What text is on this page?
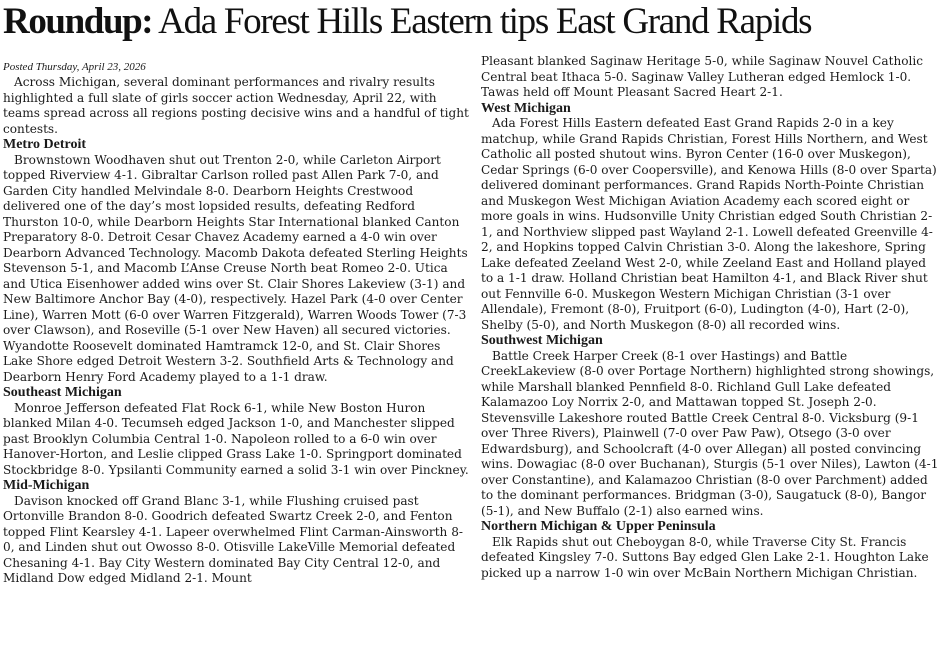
Roundup: Ada Forest Hills Eastern tips East Grand Rapids
Posted Thursday, April 23, 2026

Across Michigan, several dominant performances and rivalry results highlighted a full slate of girls soccer action Wednesday, April 22, with teams spread across all regions posting decisive wins and a handful of tight contests.

Metro Detroit

Brownstown Woodhaven shut out Trenton 2-0, while Carleton Airport topped Riverview 4-1. Gibraltar Carlson rolled past Allen Park 7-0, and Garden City handled Melvindale 8-0. Dearborn Heights Crestwood delivered one of the day’s most lopsided results, defeating Redford Thurston 10-0, while Dearborn Heights Star International blanked Canton Preparatory 8-0. Detroit Cesar Chavez Academy earned a 4-0 win over Dearborn Advanced Technology. Macomb Dakota defeated Sterling Heights Stevenson 5-1, and Macomb L’Anse Creuse North beat Romeo 2-0. Utica and Utica Eisenhower added wins over St. Clair Shores Lakeview (3-1) and New Baltimore Anchor Bay (4-0), respectively. Hazel Park (4-0 over Center Line), Warren Mott (6-0 over Warren Fitzgerald), Warren Woods Tower (7-3 over Clawson), and Roseville (5-1 over New Haven) all secured victories. Wyandotte Roosevelt dominated Hamtramck 12-0, and St. Clair Shores Lake Shore edged Detroit Western 3-2. Southfield Arts & Technology and Dearborn Henry Ford Academy played to a 1-1 draw.

Southeast Michigan

Monroe Jefferson defeated Flat Rock 6-1, while New Boston Huron blanked Milan 4-0. Tecumseh edged Jackson 1-0, and Manchester slipped past Brooklyn Columbia Central 1-0. Napoleon rolled to a 6-0 win over Hanover-Horton, and Leslie clipped Grass Lake 1-0. Springport dominated Stockbridge 8-0. Ypsilanti Community earned a solid 3-1 win over Pinckney.

Mid-Michigan

Davison knocked off Grand Blanc 3-1, while Flushing cruised past Ortonville Brandon 8-0. Goodrich defeated Swartz Creek 2-0, and Fenton topped Flint Kearsley 4-1. Lapeer overwhelmed Flint Carman-Ainsworth 8-0, and Linden shut out Owosso 8-0. Otisville LakeVille Memorial defeated Chesaning 4-1. Bay City Western dominated Bay City Central 12-0, and Midland Dow edged Midland 2-1. Mount

Pleasant blanked Saginaw Heritage 5-0, while Saginaw Nouvel Catholic Central beat Ithaca 5-0. Saginaw Valley Lutheran edged Hemlock 1-0. Tawas held off Mount Pleasant Sacred Heart 2-1.

West Michigan

Ada Forest Hills Eastern defeated East Grand Rapids 2-0 in a key matchup, while Grand Rapids Christian, Forest Hills Northern, and West Catholic all posted shutout wins. Byron Center (16-0 over Muskegon), Cedar Springs (6-0 over Coopersville), and Kenowa Hills (8-0 over Sparta) delivered dominant performances. Grand Rapids North-Pointe Christian and Muskegon West Michigan Aviation Academy each scored eight or more goals in wins. Hudsonville Unity Christian edged South Christian 2-1, and Northview slipped past Wayland 2-1. Lowell defeated Greenville 4-2, and Hopkins topped Calvin Christian 3-0. Along the lakeshore, Spring Lake defeated Zeeland West 2-0, while Zeeland East and Holland played to a 1-1 draw. Holland Christian beat Hamilton 4-1, and Black River shut out Fennville 6-0. Muskegon Western Michigan Christian (3-1 over Allendale), Fremont (8-0), Fruitport (6-0), Ludington (4-0), Hart (2-0), Shelby (5-0), and North Muskegon (8-0) all recorded wins.

Southwest Michigan

Battle Creek Harper Creek (8-1 over Hastings) and Battle CreekLakeview (8-0 over Portage Northern) highlighted strong showings, while Marshall blanked Pennfield 8-0. Richland Gull Lake defeated Kalamazoo Loy Norrix 2-0, and Mattawan topped St. Joseph 2-0. Stevensville Lakeshore routed Battle Creek Central 8-0. Vicksburg (9-1 over Three Rivers), Plainwell (7-0 over Paw Paw), Otsego (3-0 over Edwardsburg), and Schoolcraft (4-0 over Allegan) all posted convincing wins. Dowagiac (8-0 over Buchanan), Sturgis (5-1 over Niles), Lawton (4-1 over Constantine), and Kalamazoo Christian (8-0 over Parchment) added to the dominant performances. Bridgman (3-0), Saugatuck (8-0), Bangor (5-1), and New Buffalo (2-1) also earned wins.

Northern Michigan & Upper Peninsula

Elk Rapids shut out Cheboygan 8-0, while Traverse City St. Francis defeated Kingsley 7-0. Suttons Bay edged Glen Lake 2-1. Houghton Lake picked up a narrow 1-0 win over McBain Northern Michigan Christian.
